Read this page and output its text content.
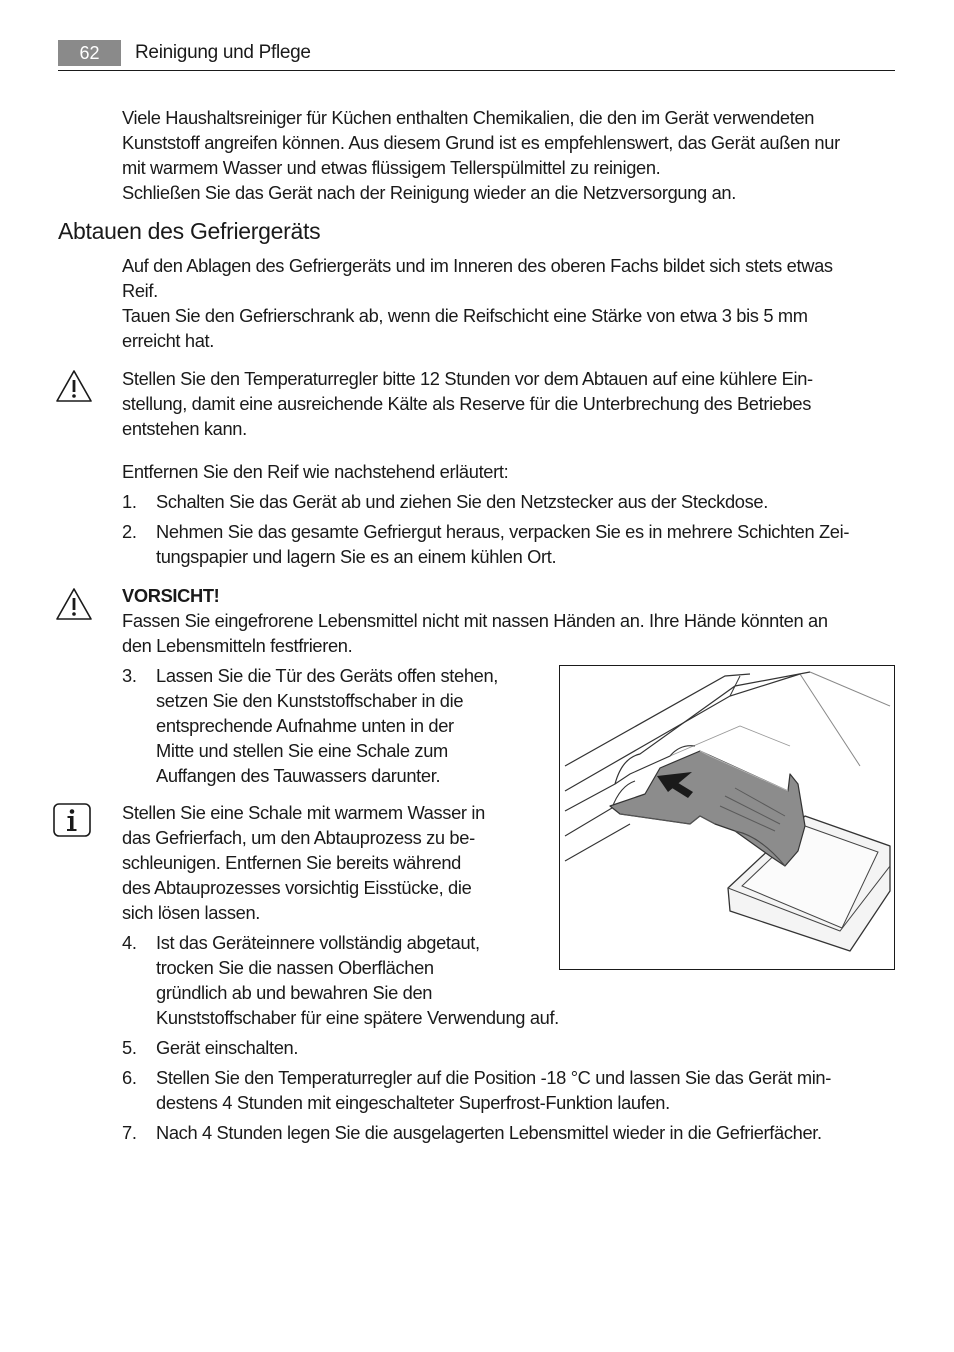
62	Reinigung und Pflege
Viele Haushaltsreiniger für Küchen enthalten Chemikalien, die den im Gerät verwendeten
Kunststoff angreifen können. Aus diesem Grund ist es empfehlenswert, das Gerät außen nur
mit warmem Wasser und etwas flüssigem Tellerspülmittel zu reinigen.
Schließen Sie das Gerät nach der Reinigung wieder an die Netzversorgung an.
Abtauen des Gefriergeräts
Auf den Ablagen des Gefriergeräts und im Inneren des oberen Fachs bildet sich stets etwas
Reif.
Tauen Sie den Gefrierschrank ab, wenn die Reifschicht eine Stärke von etwa 3 bis 5 mm
erreicht hat.
Stellen Sie den Temperaturregler bitte 12 Stunden vor dem Abtauen auf eine kühlere Ein-
stellung, damit eine ausreichende Kälte als Reserve für die Unterbrechung des Betriebes
entstehen kann.
Entfernen Sie den Reif wie nachstehend erläutert:
1. Schalten Sie das Gerät ab und ziehen Sie den Netzstecker aus der Steckdose.
2. Nehmen Sie das gesamte Gefriergut heraus, verpacken Sie es in mehrere Schichten Zei-
tungspapier und lagern Sie es an einem kühlen Ort.
VORSICHT!
Fassen Sie eingefrorene Lebensmittel nicht mit nassen Händen an. Ihre Hände könnten an
den Lebensmitteln festfrieren.
3. Lassen Sie die Tür des Geräts offen stehen,
setzen Sie den Kunststoffschaber in die
entsprechende Aufnahme unten in der
Mitte und stellen Sie eine Schale zum
Auffangen des Tauwassers darunter.
Stellen Sie eine Schale mit warmem Wasser in
das Gefrierfach, um den Abtauprozess zu be-
schleunigen. Entfernen Sie bereits während
des Abtauprozesses vorsichtig Eisstücke, die
sich lösen lassen.
4. Ist das Geräteinnere vollständig abgetaut,
trocken Sie die nassen Oberflächen
gründlich ab und bewahren Sie den
Kunststoffschaber für eine spätere Verwendung auf.
5. Gerät einschalten.
6. Stellen Sie den Temperaturregler auf die Position -18 °C und lassen Sie das Gerät min-
destens 4 Stunden mit eingeschalteter Superfrost-Funktion laufen.
7. Nach 4 Stunden legen Sie die ausgelagerten Lebensmittel wieder in die Gefrierfächer.
